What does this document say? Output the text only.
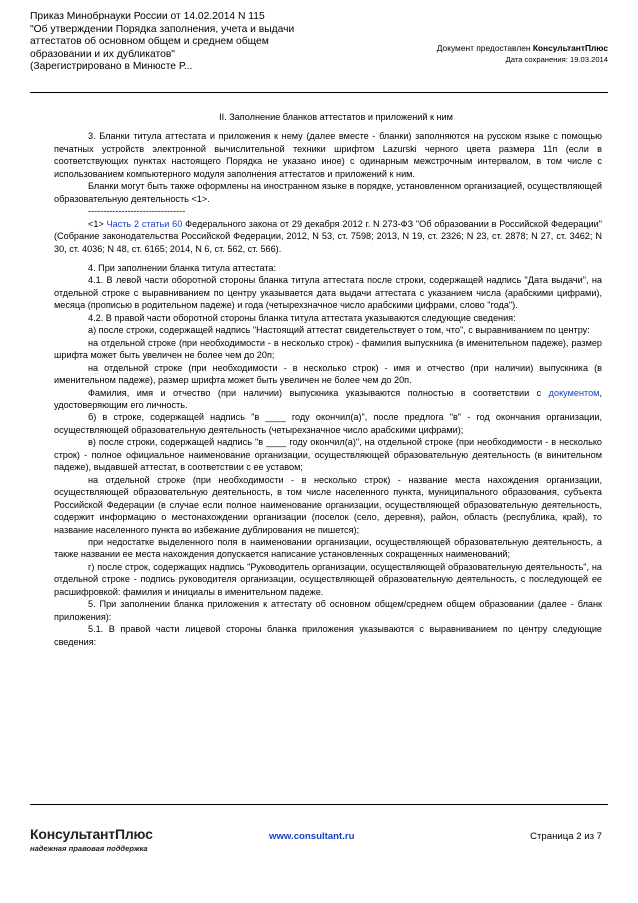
Приказ Минобрнауки России от 14.02.2014 N 115
"Об утверждении Порядка заполнения, учета и выдачи
аттестатов об основном общем и среднем общем
образовании и их дубликатов"
(Зарегистрировано в Минюсте Р...
Документ предоставлен КонсультантПлюс
Дата сохранения: 19.03.2014

II. Заполнение бланков аттестатов и приложений к ним

3. Бланки титула аттестата и приложения к нему (далее вместе - бланки) заполняются на русском языке с помощью печатных устройств электронной вычислительной техники шрифтом Lazurski черного цвета размера 11п (если в соответствующих пунктах настоящего Порядка не указано иное) с одинарным межстрочным интервалом, в том числе с использованием компьютерного модуля заполнения аттестатов и приложений к ним.

Бланки могут быть также оформлены на иностранном языке в порядке, установленном организацией, осуществляющей образовательную деятельность <1>.

--------------------------------

<1> Часть 2 статьи 60 Федерального закона от 29 декабря 2012 г. N 273-ФЗ "Об образовании в Российской Федерации" (Собрание законодательства Российской Федерации, 2012, N 53, ст. 7598; 2013, N 19, ст. 2326; N 23, ст. 2878; N 27, ст. 3462; N 30, ст. 4036; N 48, ст. 6165; 2014, N 6, ст. 562, ст. 566).

4. При заполнении бланка титула аттестата:

4.1. В левой части оборотной стороны бланка титула аттестата после строки, содержащей надпись "Дата выдачи", на отдельной строке с выравниванием по центру указывается дата выдачи аттестата с указанием числа (арабскими цифрами), месяца (прописью в родительном падеже) и года (четырехзначное число арабскими цифрами, слово "года").

4.2. В правой части оборотной стороны бланка титула аттестата указываются следующие сведения:

а) после строки, содержащей надпись "Настоящий аттестат свидетельствует о том, что", с выравниванием по центру:

на отдельной строке (при необходимости - в несколько строк) - фамилия выпускника (в именительном падеже), размер шрифта может быть увеличен не более чем до 20п;

на отдельной строке (при необходимости - в несколько строк) - имя и отчество (при наличии) выпускника (в именительном падеже), размер шрифта может быть увеличен не более чем до 20п.

Фамилия, имя и отчество (при наличии) выпускника указываются полностью в соответствии с документом, удостоверяющим его личность.

б) в строке, содержащей надпись "в ____ году окончил(а)", после предлога "в" - год окончания организации, осуществляющей образовательную деятельность (четырехзначное число арабскими цифрами);

в) после строки, содержащей надпись "в ____ году окончил(а)", на отдельной строке (при необходимости - в несколько строк) - полное официальное наименование организации, осуществляющей образовательную деятельность (в винительном падеже), выдавшей аттестат, в соответствии с ее уставом;

на отдельной строке (при необходимости - в несколько строк) - название места нахождения организации, осуществляющей образовательную деятельность, в том числе населенного пункта, муниципального образования, субъекта Российской Федерации (в случае если полное наименование организации, осуществляющей образовательную деятельность, содержит информацию о местонахождении организации (поселок (село, деревня), район, область (республика, край), то название населенного пункта во избежание дублирования не пишется);

при недостатке выделенного поля в наименовании организации, осуществляющей образовательную деятельность, а также названии ее места нахождения допускается написание установленных сокращенных наименований;

г) после строк, содержащих надпись "Руководитель организации, осуществляющей образовательную деятельность", на отдельной строке - подпись руководителя организации, осуществляющей образовательную деятельность, с последующей ее расшифровкой: фамилия и инициалы в именительном падеже.

5. При заполнении бланка приложения к аттестату об основном общем/среднем общем образовании (далее - бланк приложения):

5.1. В правой части лицевой стороны бланка приложения указываются с выравниванием по центру следующие сведения:

КонсультантПлюс
надежная правовая поддержка
www.consultant.ru	Страница 2 из 7
